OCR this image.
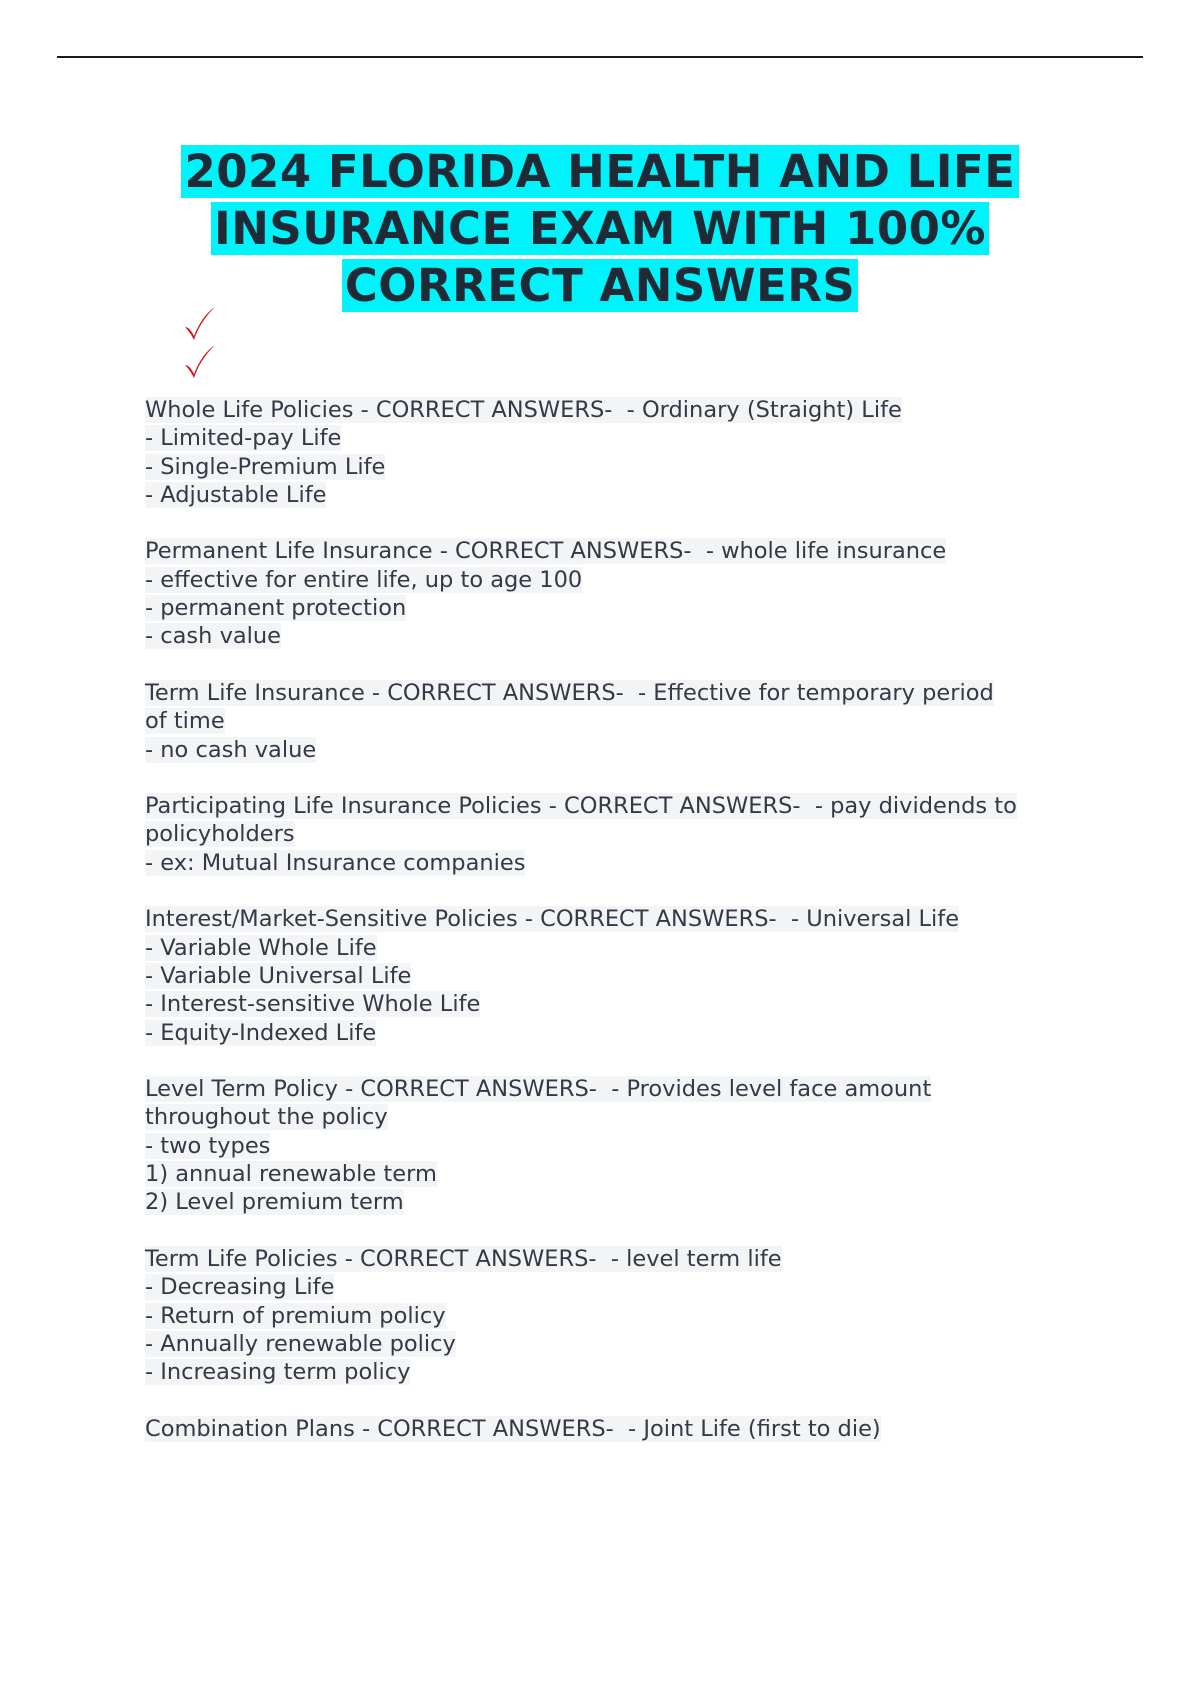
2024 FLORIDA HEALTH AND LIFE
INSURANCE EXAM WITH 100%
CORRECT ANSWERS
Whole Life Policies - CORRECT ANSWERS-  - Ordinary (Straight) Life
- Limited-pay Life
- Single-Premium Life
- Adjustable Life
Permanent Life Insurance - CORRECT ANSWERS-  - whole life insurance
- effective for entire life, up to age 100
- permanent protection
- cash value
Term Life Insurance - CORRECT ANSWERS-  - Effective for temporary period
of time
- no cash value
Participating Life Insurance Policies - CORRECT ANSWERS-  - pay dividends to
policyholders
- ex: Mutual Insurance companies
Interest/Market-Sensitive Policies - CORRECT ANSWERS-  - Universal Life
- Variable Whole Life
- Variable Universal Life
- Interest-sensitive Whole Life
- Equity-Indexed Life
Level Term Policy - CORRECT ANSWERS-  - Provides level face amount
throughout the policy
- two types
1) annual renewable term
2) Level premium term
Term Life Policies - CORRECT ANSWERS-  - level term life
- Decreasing Life
- Return of premium policy
- Annually renewable policy
- Increasing term policy
Combination Plans - CORRECT ANSWERS-  - Joint Life (first to die)
